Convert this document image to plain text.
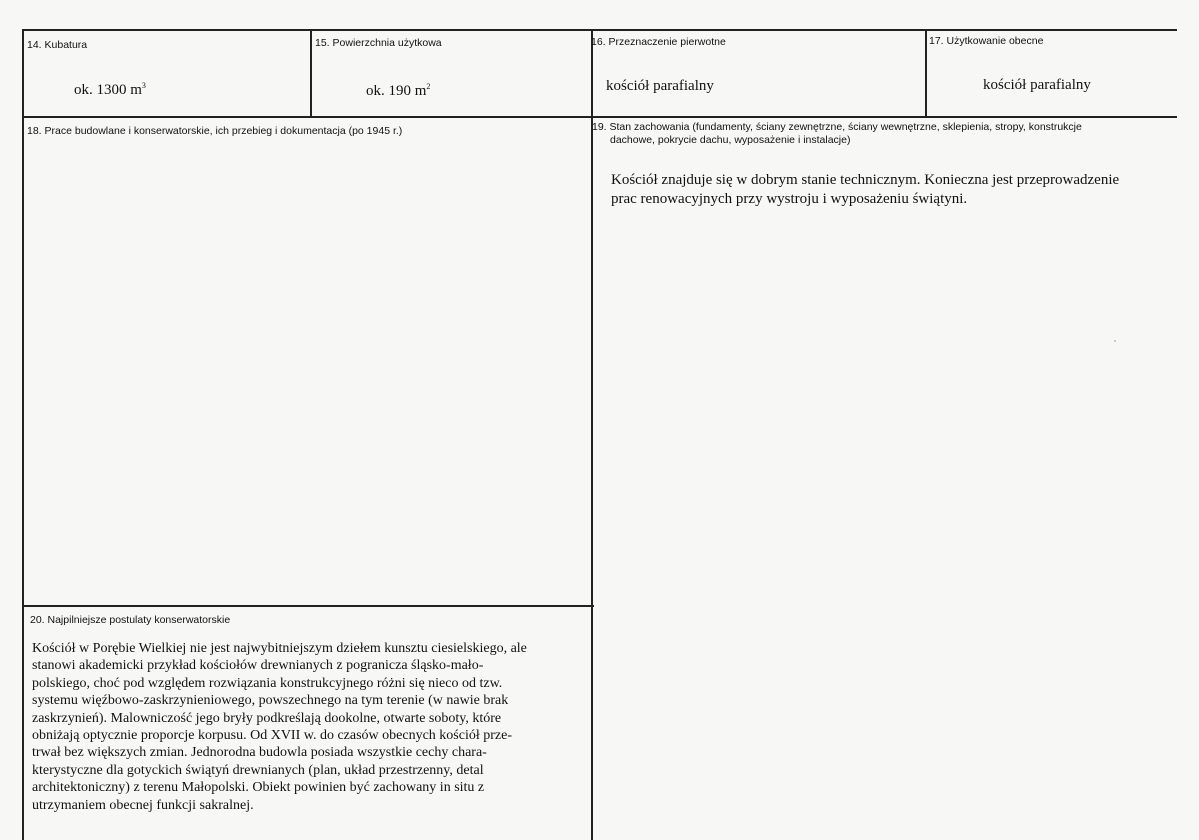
14. Kubatura
ok. 1300 $m^3$
15. Powierzchnia użytkowa
ok. 190 $m^2$
16. Przeznaczenie pierwotne
kościół parafialny
17. Użytkowanie obecne
kościół parafialny
18. Prace budowlane i konserwatorskie, ich przebieg i dokumentacja (po 1945 r.)	19. Stan zachowania (fundamenty, ściany zewnętrzne, ściany wewnętrzne, sklepienia, stropy, konstrukcje
dachowe, pokrycie dachu, wyposażenie i instalacje)
Kościół znajduje się w dobrym stanie technicznym. Konieczna jest przeprowadzenie
prac renowacyjnych przy wystroju i wyposażeniu świątyni.
20. Najpilniejsze postulaty konserwatorskie
Kościół w Porębie Wielkiej nie jest najwybitniejszym dziełem kunsztu ciesielskiego, ale
stanowi akademicki przykład kościołów drewnianych z pogranicza śląsko-mało-
polskiego, choć pod względem rozwiązania konstrukcyjnego różni się nieco od tzw.
systemu więźbowo-zaskrzynieniowego, powszechnego na tym terenie (w nawie brak
zaskrzynień). Malowniczość jego bryły podkreślają dookolne, otwarte soboty, które
obniżają optycznie proporcje korpusu. Od XVII w. do czasów obecnych kościół prze-
trwał bez większych zmian. Jednorodna budowla posiada wszystkie cechy chara-
kterystyczne dla gotyckich świątyń drewnianych (plan, układ przestrzenny, detal
architektoniczny) z terenu Małopolski. Obiekt powinien być zachowany in situ z
utrzymaniem obecnej funkcji sakralnej.
